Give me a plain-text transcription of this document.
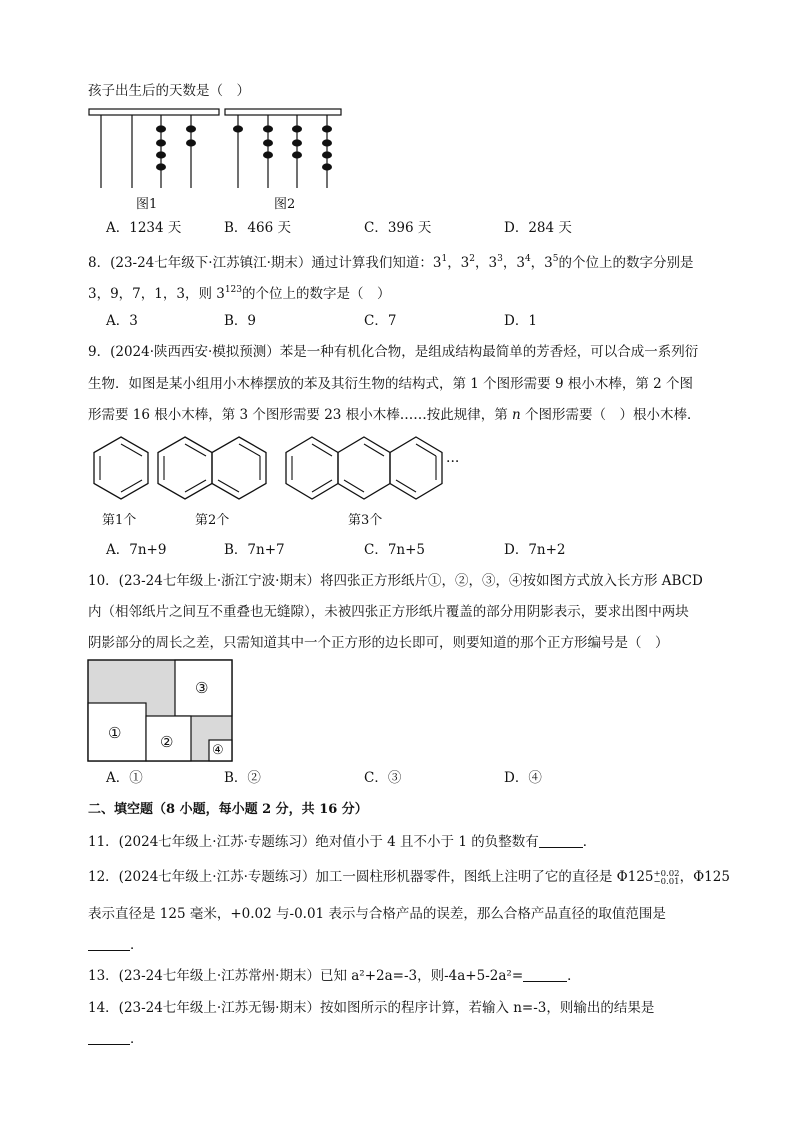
孩子出生后的天数是（　）
图1	图2
A．1234 天	B．466 天	C．396 天	D．284 天
8．(23-24七年级下·江苏镇江·期末）通过计算我们知道：$3^1$，$3^2$，$3^3$，$3^4$，$3^5$的个位上的数字分别是
3，9，7，1，3，则 $3^{123}$的个位上的数字是（　）
A．3	B．9	C．7	D．1
9．(2024·陕西西安·模拟预测）苯是一种有机化合物，是组成结构最简单的芳香烃，可以合成一系列衍
生物．如图是某小组用小木棒摆放的苯及其衍生物的结构式，第 1 个图形需要 9 根小木棒，第 2 个图
形需要 16 根小木棒，第 3 个图形需要 23 根小木棒……按此规律，第 n 个图形需要（　）根小木棒．
···
第1个	第2个	第3个
A．7n+9	B．7n+7	C．7n+5	D．7n+2
10．(23-24七年级上·浙江宁波·期末）将四张正方形纸片①，②，③，④按如图方式放入长方形 ABCD
内（相邻纸片之间互不重叠也无缝隙），未被四张正方形纸片覆盖的部分用阴影表示，要求出图中两块
阴影部分的周长之差，只需知道其中一个正方形的边长即可，则要知道的那个正方形编号是（　）
①	②
③
④
A．①	B．②	C．③	D．④
二、填空题（8 小题，每小题 2 分，共 16 分）
11．(2024七年级上·江苏·专题练习）绝对值小于 4 且不小于 1 的负整数有	．
12．(2024七年级上·江苏·专题练习）加工一圆柱形机器零件，图纸上注明了它的直径是 Φ125+0.02
−0.01，Φ125
表示直径是 125 毫米，+0.02 与-0.01 表示与合格产品的误差，那么合格产品直径的取值范围是
．
13．(23-24七年级上·江苏常州·期末）已知 a²+2a=-3，则-4a+5-2a²=	．
14．(23-24七年级上·江苏无锡·期末）按如图所示的程序计算，若输入 n=-3，则输出的结果是
．
